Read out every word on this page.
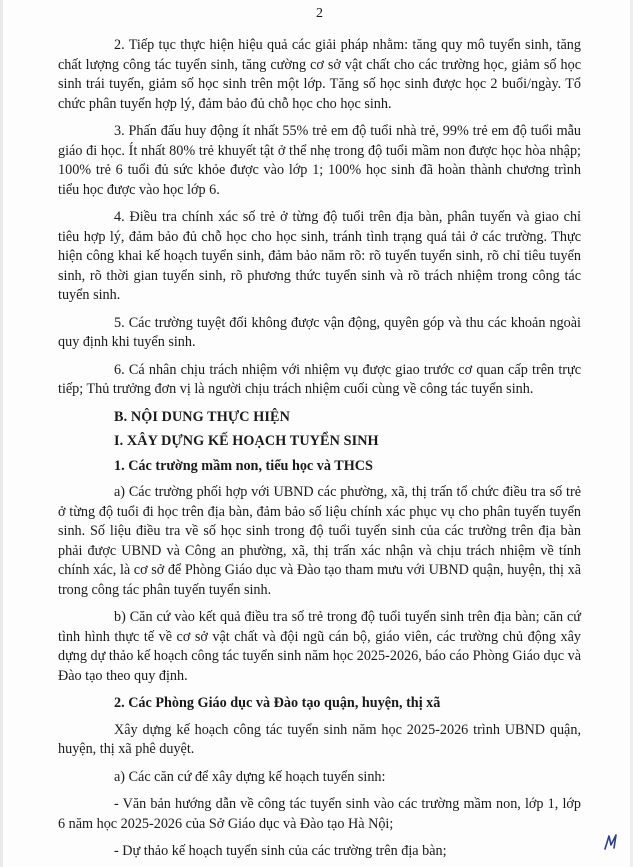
2

2. Tiếp tục thực hiện hiệu quả các giải pháp nhằm: tăng quy mô tuyển sinh, tăng chất lượng công tác tuyển sinh, tăng cường cơ sở vật chất cho các trường học, giảm số học sinh trái tuyến, giảm số học sinh trên một lớp. Tăng số học sinh được học 2 buổi/ngày. Tổ chức phân tuyến hợp lý, đảm bảo đủ chỗ học cho học sinh.

3. Phấn đấu huy động ít nhất 55% trẻ em độ tuổi nhà trẻ, 99% trẻ em độ tuổi mẫu giáo đi học. Ít nhất 80% trẻ khuyết tật ở thể nhẹ trong độ tuổi mầm non được học hòa nhập; 100% trẻ 6 tuổi đủ sức khỏe được vào lớp 1; 100% học sinh đã hoàn thành chương trình tiểu học được vào học lớp 6.

4. Điều tra chính xác số trẻ ở từng độ tuổi trên địa bàn, phân tuyến và giao chỉ tiêu hợp lý, đảm bảo đủ chỗ học cho học sinh, tránh tình trạng quá tải ở các trường. Thực hiện công khai kế hoạch tuyển sinh, đảm bảo năm rõ: rõ tuyển tuyển sinh, rõ chỉ tiêu tuyển sinh, rõ thời gian tuyển sinh, rõ phương thức tuyển sinh và rõ trách nhiệm trong công tác tuyển sinh.

5. Các trường tuyệt đối không được vận động, quyên góp và thu các khoản ngoài quy định khi tuyển sinh.

6. Cá nhân chịu trách nhiệm với nhiệm vụ được giao trước cơ quan cấp trên trực tiếp; Thủ trưởng đơn vị là người chịu trách nhiệm cuối cùng về công tác tuyển sinh.

B. NỘI DUNG THỰC HIỆN

I. XÂY DỰNG KẾ HOẠCH TUYỂN SINH

1. Các trường mầm non, tiểu học và THCS

a) Các trường phối hợp với UBND các phường, xã, thị trấn tổ chức điều tra số trẻ ở từng độ tuổi đi học trên địa bàn, đảm bảo số liệu chính xác phục vụ cho phân tuyến tuyển sinh. Số liệu điều tra về số học sinh trong độ tuổi tuyển sinh của các trường trên địa bàn phải được UBND và Công an phường, xã, thị trấn xác nhận và chịu trách nhiệm về tính chính xác, là cơ sở để Phòng Giáo dục và Đào tạo tham mưu với UBND quận, huyện, thị xã trong công tác phân tuyến tuyển sinh.

b) Căn cứ vào kết quả điều tra số trẻ trong độ tuổi tuyển sinh trên địa bàn; căn cứ tình hình thực tế về cơ sở vật chất và đội ngũ cán bộ, giáo viên, các trường chủ động xây dựng dự thảo kế hoạch công tác tuyển sinh năm học 2025-2026, báo cáo Phòng Giáo dục và Đào tạo theo quy định.

2. Các Phòng Giáo dục và Đào tạo quận, huyện, thị xã

Xây dựng kế hoạch công tác tuyển sinh năm học 2025-2026 trình UBND quận, huyện, thị xã phê duyệt.

a) Các căn cứ để xây dựng kế hoạch tuyển sinh:

- Văn bản hướng dẫn về công tác tuyển sinh vào các trường mầm non, lớp 1, lớp 6 năm học 2025-2026 của Sở Giáo dục và Đào tạo Hà Nội;

- Dự thảo kế hoạch tuyển sinh của các trường trên địa bàn;
